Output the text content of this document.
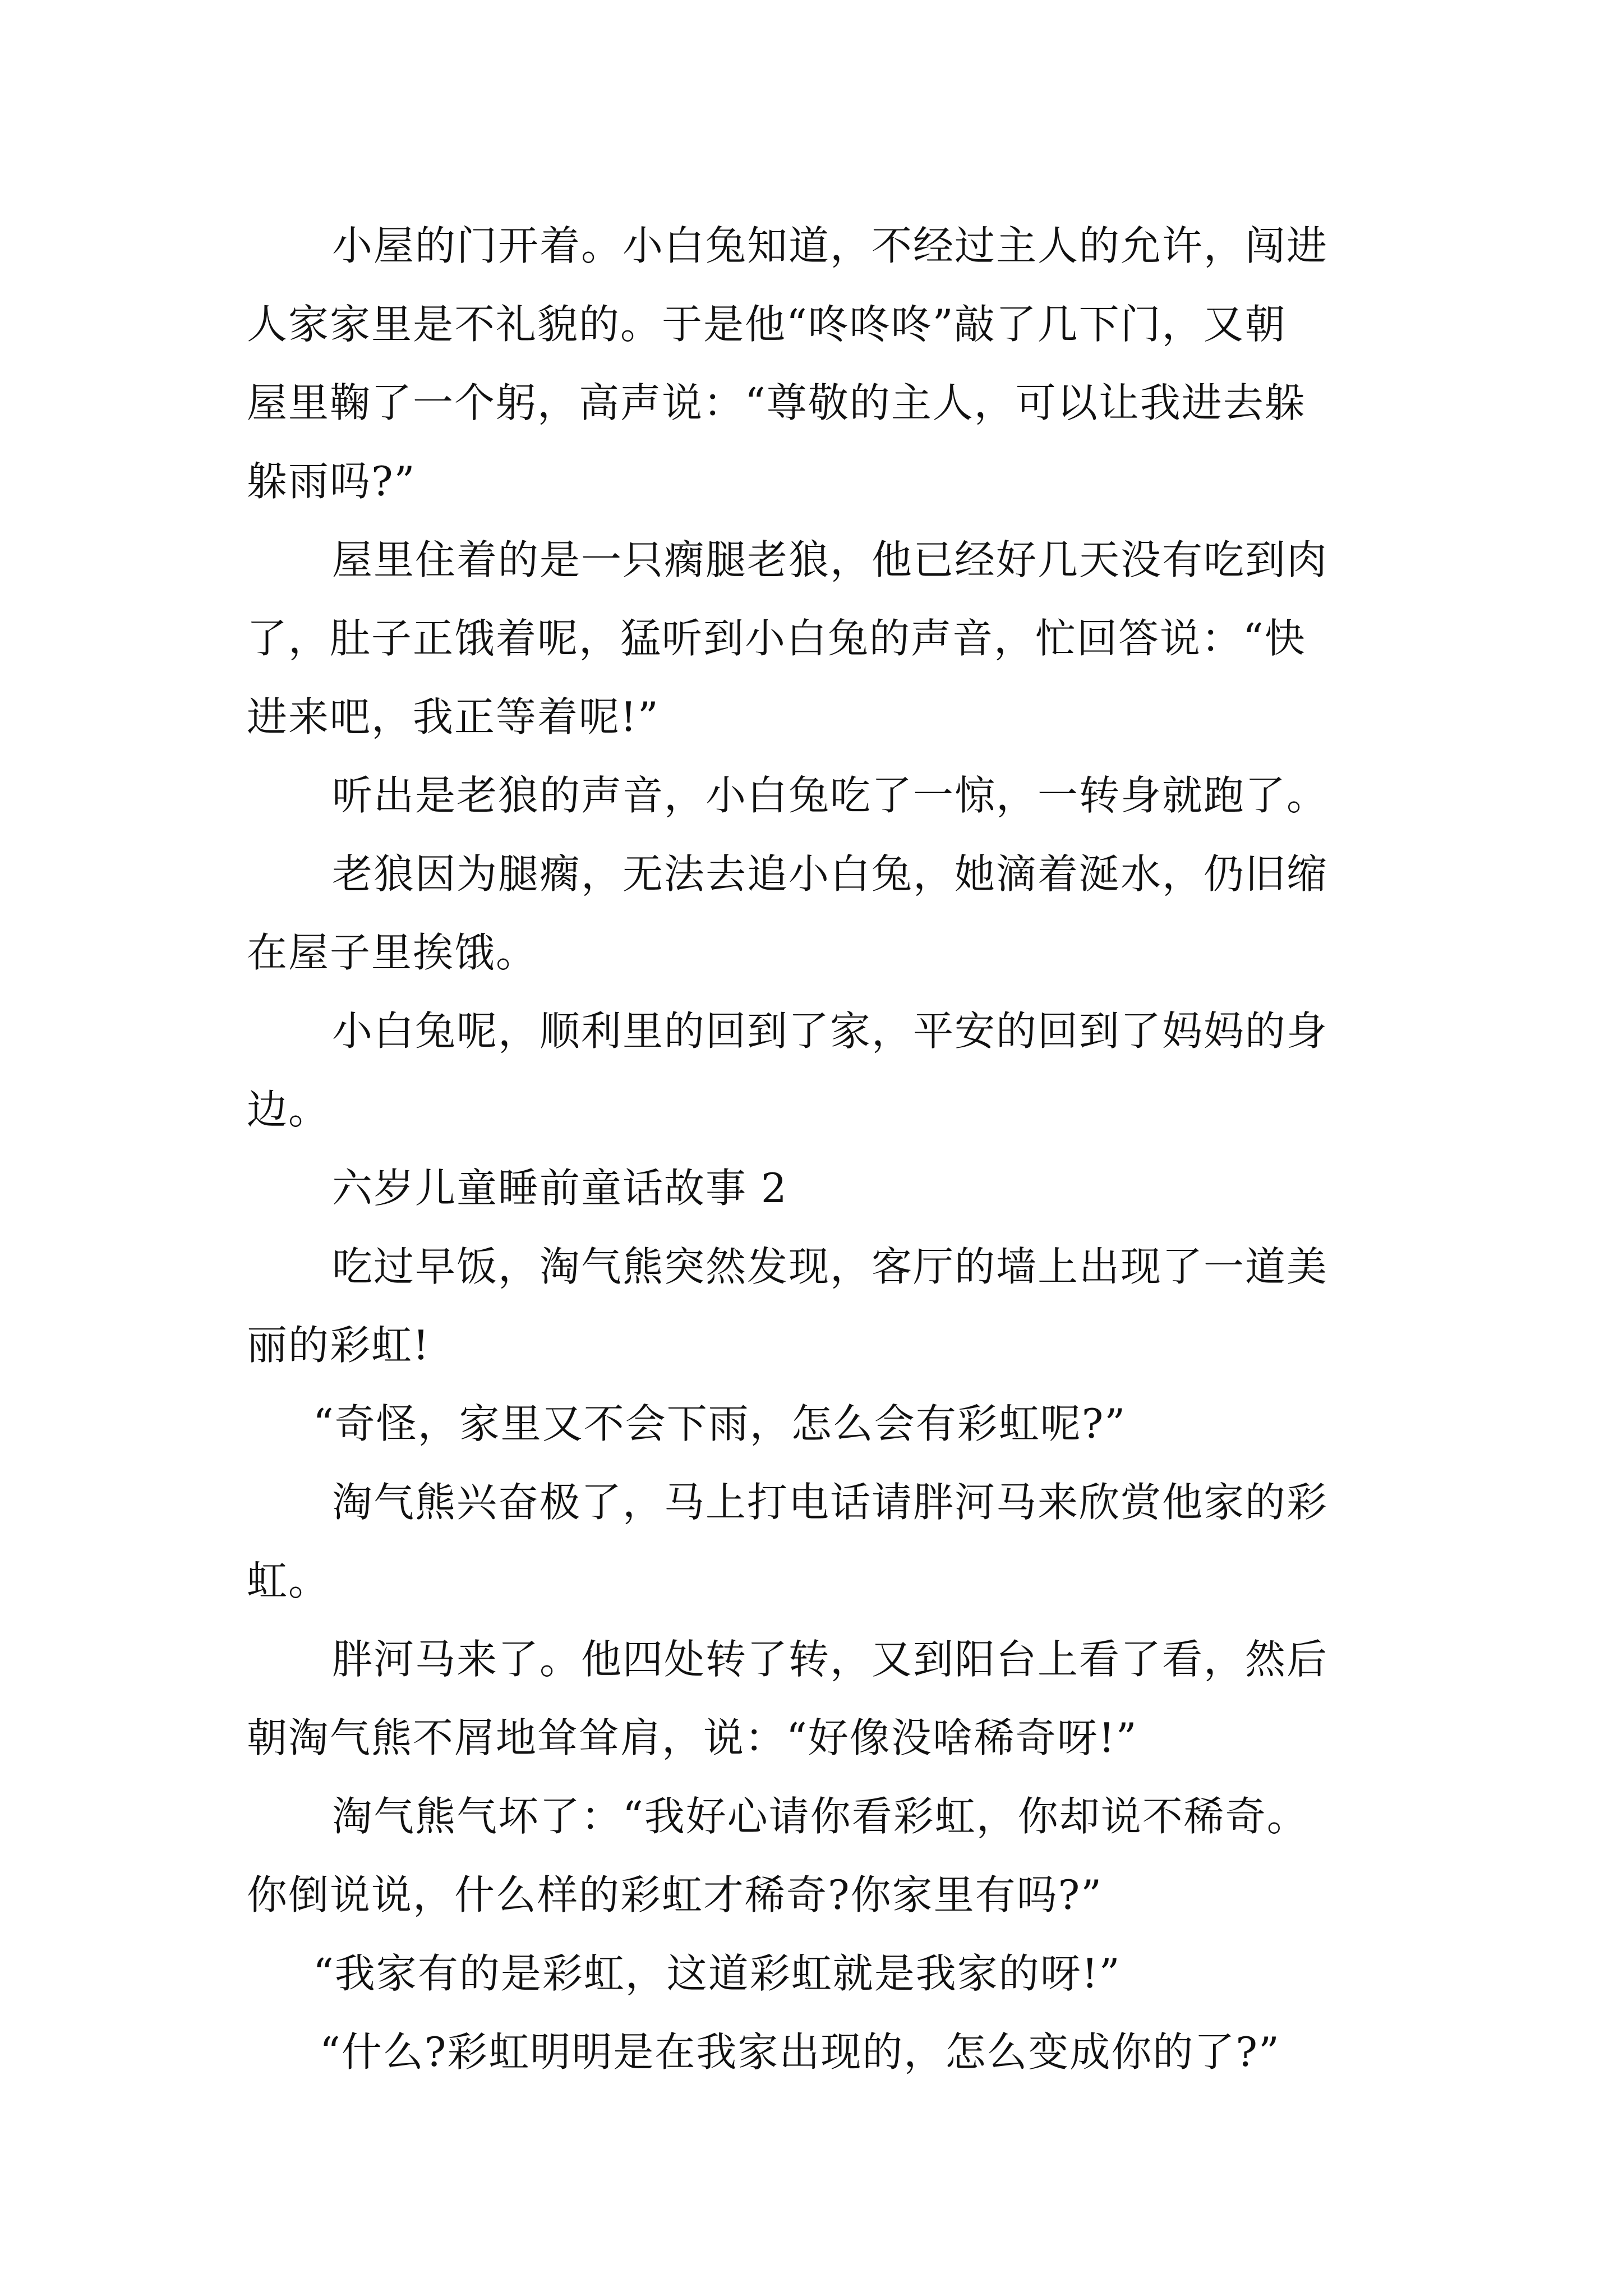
小屋的门开着。小白兔知道，不经过主人的允许，闯进
人家家里是不礼貌的。于是他“咚咚咚”敲了几下门，又朝
屋里鞠了一个躬，高声说：“尊敬的主人，可以让我进去躲
躲雨吗?”
屋里住着的是一只瘸腿老狼，他已经好几天没有吃到肉
了，肚子正饿着呢，猛听到小白兔的声音，忙回答说：“快
进来吧，我正等着呢!”
听出是老狼的声音，小白兔吃了一惊，一转身就跑了。
老狼因为腿瘸，无法去追小白兔，她滴着涎水，仍旧缩
在屋子里挨饿。
小白兔呢，顺利里的回到了家，平安的回到了妈妈的身
边。
六岁儿童睡前童话故事 2
吃过早饭，淘气熊突然发现，客厅的墙上出现了一道美
丽的彩虹!
“奇怪，家里又不会下雨，怎么会有彩虹呢?”
淘气熊兴奋极了，马上打电话请胖河马来欣赏他家的彩
虹。
胖河马来了。他四处转了转，又到阳台上看了看，然后
朝淘气熊不屑地耸耸肩，说：“好像没啥稀奇呀!”
淘气熊气坏了：“我好心请你看彩虹，你却说不稀奇。
你倒说说，什么样的彩虹才稀奇?你家里有吗?”
“我家有的是彩虹，这道彩虹就是我家的呀!”
“什么?彩虹明明是在我家出现的，怎么变成你的了?”
